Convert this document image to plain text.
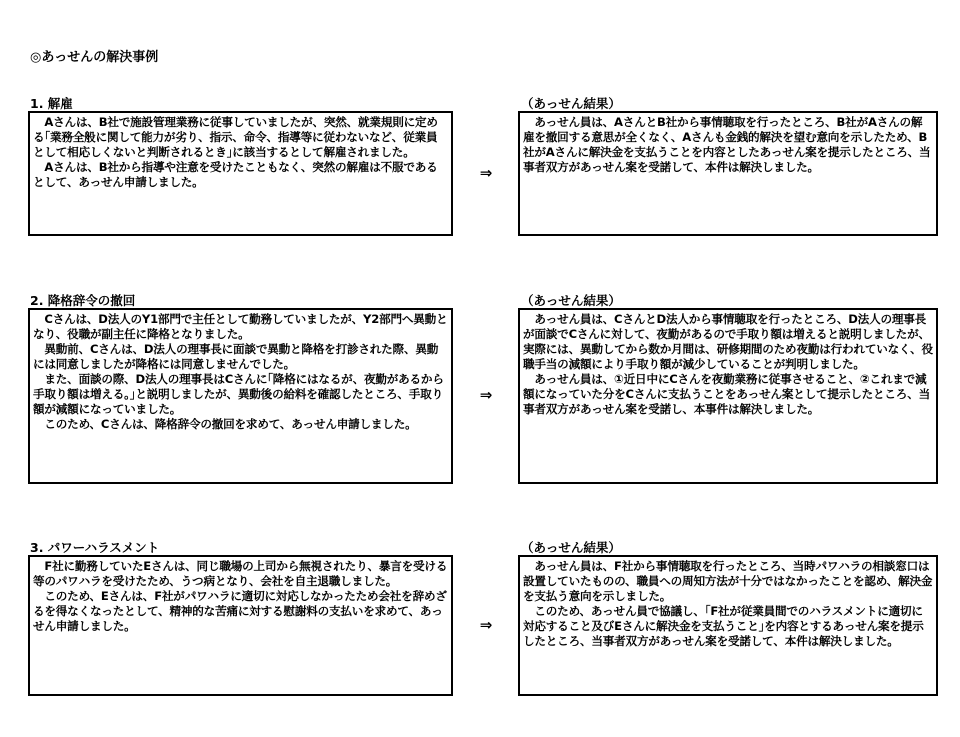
◎あっせんの解決事例
1. 解雇	（あっせん結果）
　Aさんは、B社で施設管理業務に従事していましたが、突然、就業規則に定める｢業務全般に関して能力が劣り、指示、命令、指導等に従わないなど、従業員として相応しくないと判断されるとき｣に該当するとして解雇されました。
　Aさんは、B社から指導や注意を受けたこともなく、突然の解雇は不服であるとして、あっせん申請しました。	⇒
　あっせん員は、AさんとB社から事情聴取を行ったところ、B社がAさんの解雇を撤回する意思が全くなく、Aさんも金銭的解決を望む意向を示したため、B社がAさんに解決金を支払うことを内容としたあっせん案を提示したところ、当事者双方があっせん案を受諾して、本件は解決しました。
2. 降格辞令の撤回	（あっせん結果）
　Cさんは、D法人のY1部門で主任として勤務していましたが、Y2部門へ異動となり、役職が副主任に降格となりました。
　異動前、Cさんは、D法人の理事長に面談で異動と降格を打診された際、異動には同意しましたが降格には同意しませんでした。
　また、面談の際、D法人の理事長はCさんに｢降格にはなるが、夜勤があるから手取り額は増える。｣と説明しましたが、異動後の給料を確認したところ、手取り額が減額になっていました。
　このため、Cさんは、降格辞令の撤回を求めて、あっせん申請しました。
⇒
　あっせん員は、CさんとD法人から事情聴取を行ったところ、D法人の理事長が面談でCさんに対して、夜勤があるので手取り額は増えると説明しましたが、実際には、異動してから数か月間は、研修期間のため夜勤は行われていなく、役職手当の減額により手取り額が減少していることが判明しました。
　あっせん員は、①近日中にCさんを夜勤業務に従事させること、②これまで減額になっていた分をCさんに支払うことをあっせん案として提示したところ、当事者双方があっせん案を受諾し、本事件は解決しました。
3. パワーハラスメント	（あっせん結果）
　F社に勤務していたEさんは、同じ職場の上司から無視されたり、暴言を受ける等のパワハラを受けたため、うつ病となり、会社を自主退職しました。
　このため、Eさんは、F社がパワハラに適切に対応しなかったため会社を辞めざるを得なくなったとして、精神的な苦痛に対する慰謝料の支払いを求めて、あっせん申請しました。	⇒
　あっせん員は、F社から事情聴取を行ったところ、当時パワハラの相談窓口は設置していたものの、職員への周知方法が十分ではなかったことを認め、解決金を支払う意向を示しました。
　このため、あっせん員で協議し、｢F社が従業員間でのハラスメントに適切に対応すること及びEさんに解決金を支払うこと｣を内容とするあっせん案を提示したところ、当事者双方があっせん案を受諾して、本件は解決しました。
